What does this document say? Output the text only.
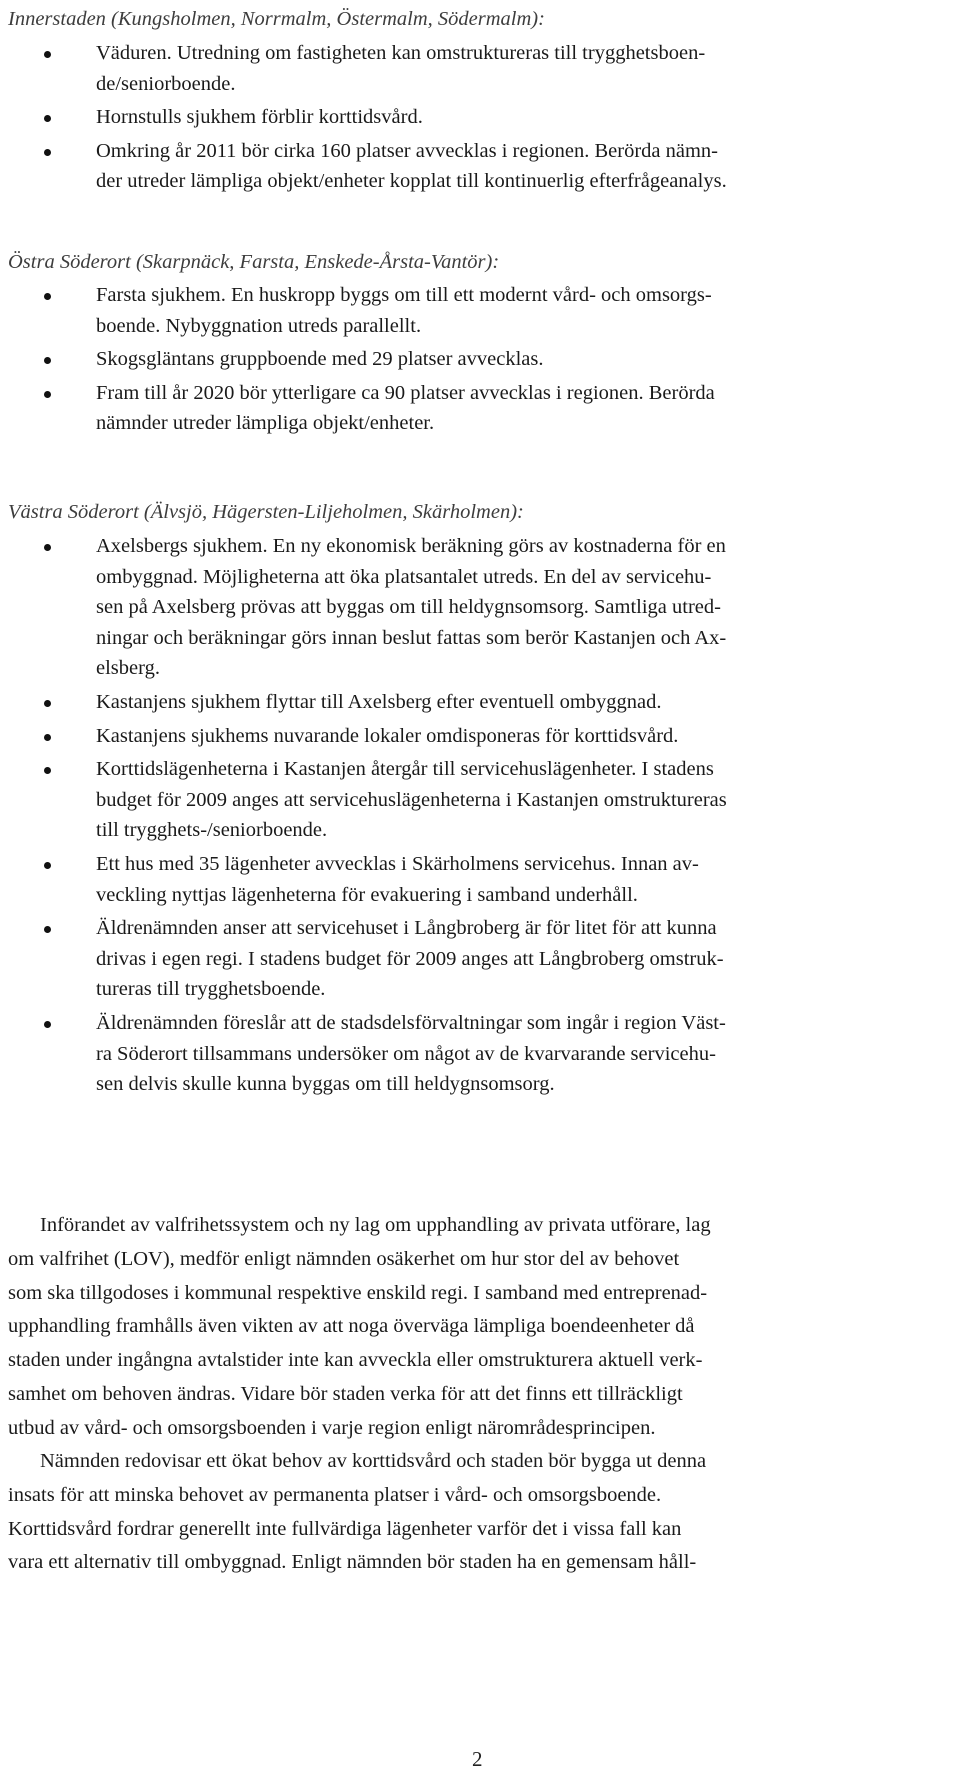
Innerstaden (Kungsholmen, Norrmalm, Östermalm, Södermalm):
Väduren. Utredning om fastigheten kan omstruktureras till trygghetsboen-
de/seniorboende.
Hornstulls sjukhem förblir korttidsvård.
Omkring år 2011 bör cirka 160 platser avvecklas i regionen. Berörda nämn-
der utreder lämpliga objekt/enheter kopplat till kontinuerlig efterfrågeanalys.
Östra Söderort (Skarpnäck, Farsta, Enskede-Årsta-Vantör):
Farsta sjukhem. En huskropp byggs om till ett modernt vård- och omsorgs-
boende. Nybyggnation utreds parallellt.
Skogsgläntans gruppboende med 29 platser avvecklas.
Fram till år 2020 bör ytterligare ca 90 platser avvecklas i regionen. Berörda
nämnder utreder lämpliga objekt/enheter.
Västra Söderort (Älvsjö, Hägersten-Liljeholmen, Skärholmen):
Axelsbergs sjukhem. En ny ekonomisk beräkning görs av kostnaderna för en
ombyggnad. Möjligheterna att öka platsantalet utreds. En del av servicehu-
sen på Axelsberg prövas att byggas om till heldygnsomsorg. Samtliga utred-
ningar och beräkningar görs innan beslut fattas som berör Kastanjen och Ax-
elsberg.
Kastanjens sjukhem flyttar till Axelsberg efter eventuell ombyggnad.
Kastanjens sjukhems nuvarande lokaler omdisponeras för korttidsvård.
Korttidslägenheterna i Kastanjen återgår till servicehuslägenheter. I stadens
budget för 2009 anges att servicehuslägenheterna i Kastanjen omstruktureras
till trygghets-/seniorboende.
Ett hus med 35 lägenheter avvecklas i Skärholmens servicehus. Innan av-
veckling nyttjas lägenheterna för evakuering i samband underhåll.
Äldrenämnden anser att servicehuset i Långbroberg är för litet för att kunna
drivas i egen regi. I stadens budget för 2009 anges att Långbroberg omstruk-
tureras till trygghetsboende.
Äldrenämnden föreslår att de stadsdelsförvaltningar som ingår i region Väst-
ra Söderort tillsammans undersöker om något av de kvarvarande servicehu-
sen delvis skulle kunna byggas om till heldygnsomsorg.
Införandet av valfrihetssystem och ny lag om upphandling av privata utförare, lag
om valfrihet (LOV), medför enligt nämnden osäkerhet om hur stor del av behovet
som ska tillgodoses i kommunal respektive enskild regi. I samband med entreprenad-
upphandling framhålls även vikten av att noga överväga lämpliga boendeenheter då
staden under ingångna avtalstider inte kan avveckla eller omstrukturera aktuell verk-
samhet om behoven ändras. Vidare bör staden verka för att det finns ett tillräckligt
utbud av vård- och omsorgsboenden i varje region enligt närområdesprincipen.
Nämnden redovisar ett ökat behov av korttidsvård och staden bör bygga ut denna
insats för att minska behovet av permanenta platser i vård- och omsorgsboende.
Korttidsvård fordrar generellt inte fullvärdiga lägenheter varför det i vissa fall kan
vara ett alternativ till ombyggnad. Enligt nämnden bör staden ha en gemensam håll-
2
